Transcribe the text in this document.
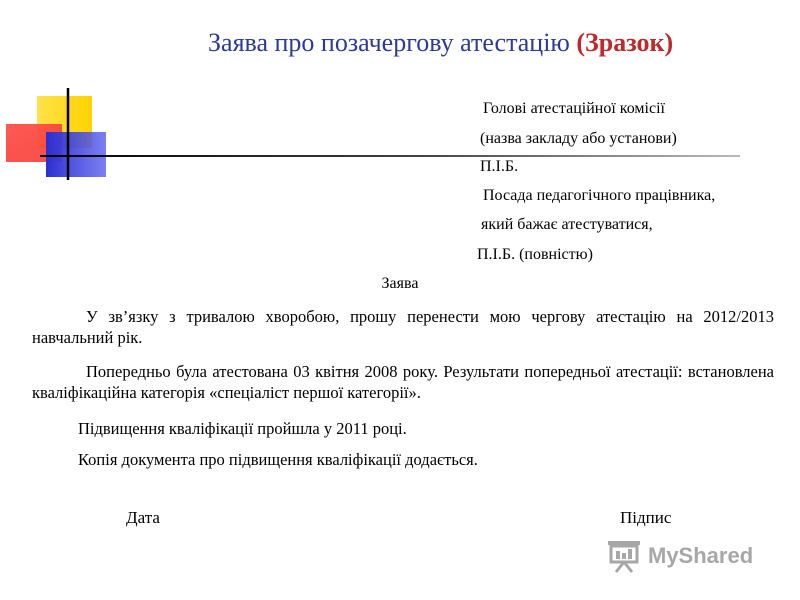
Заява про позачергову атестацію (Зразок)
Голові атестаційної комісії
(назва закладу або установи)
П.І.Б.
Посада педагогічного працівника,
який бажає атестуватися,
П.І.Б. (повністю)
Заява
У зв’язку з тривалою хворобою, прошу перенести мою чергову атестацію на 2012/2013 навчальний рік.
Попередньо була атестована 03 квітня 2008 року. Результати попередньої атестації: встановлена кваліфікаційна категорія «спеціаліст першої категорії».
Підвищення кваліфікації пройшла у 2011 році.
Копія документа про підвищення кваліфікації додається.
Дата	Підпис
MyShared
